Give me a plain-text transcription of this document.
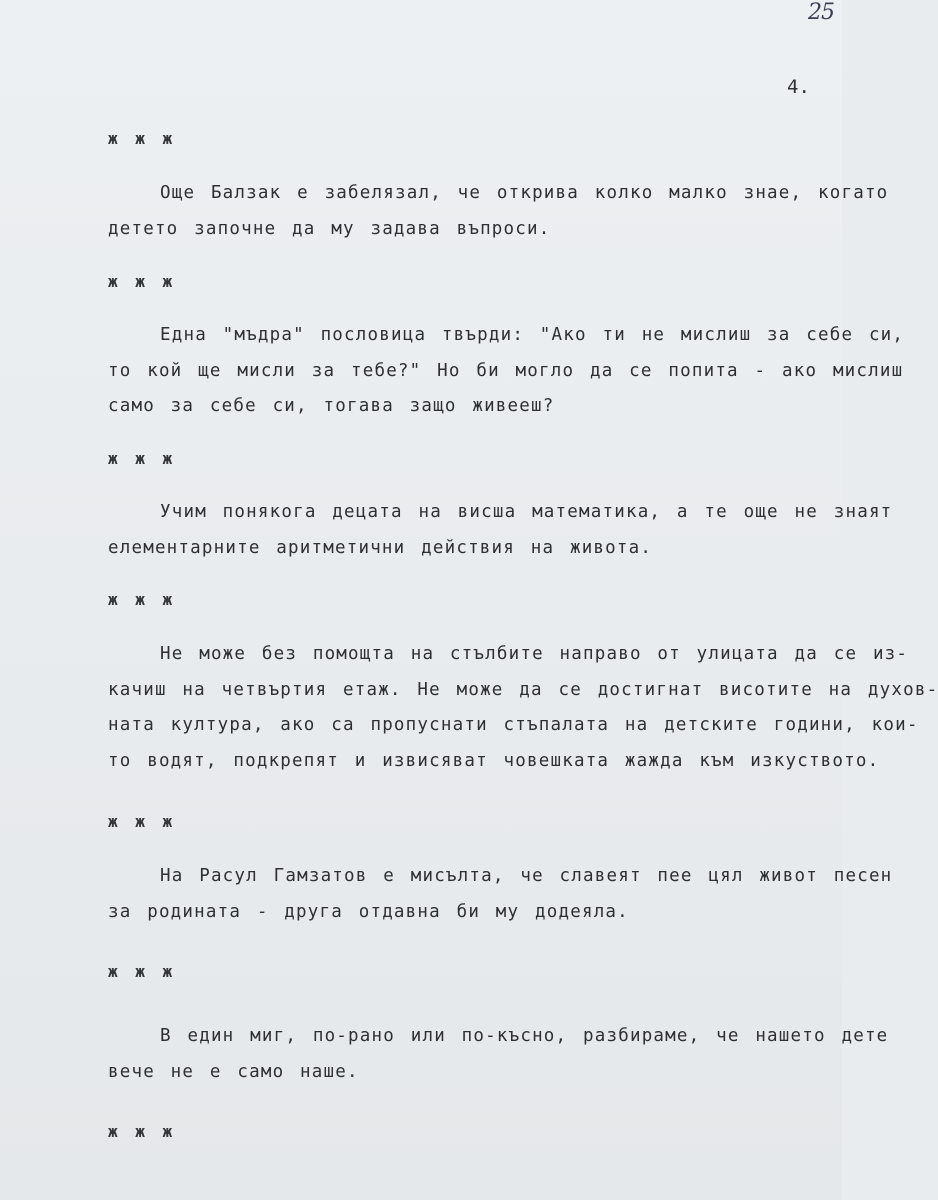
25
4.
ж ж ж

Още Балзак е забелязал, че открива колко малко знае, когато
детето започне да му задава въпроси.

ж ж ж

Една "мъдра" пословица твърди: "Ако ти не мислиш за себе си,
то кой ще мисли за тебе?" Но би могло да се попита - ако мислиш
само за себе си, тогава защо живееш?

ж ж ж

Учим понякога децата на висша математика, а те още не знаят
елементарните аритметични действия на живота.

ж ж ж

Не може без помощта на стълбите направо от улицата да се из-
качиш на четвъртия етаж. Не може да се достигнат висотите на духов-
ната култура, ако са пропуснати стъпалата на детските години, кои-
то водят, подкрепят и извисяват човешката жажда към изкуството.

ж ж ж

На Расул Гамзатов е мисълта, че славеят пее цял живот песен
за родината - друга отдавна би му додеяла.

ж ж ж

В един миг, по-рано или по-късно, разбираме, че нашето дете
вече не е само наше.

ж ж ж
